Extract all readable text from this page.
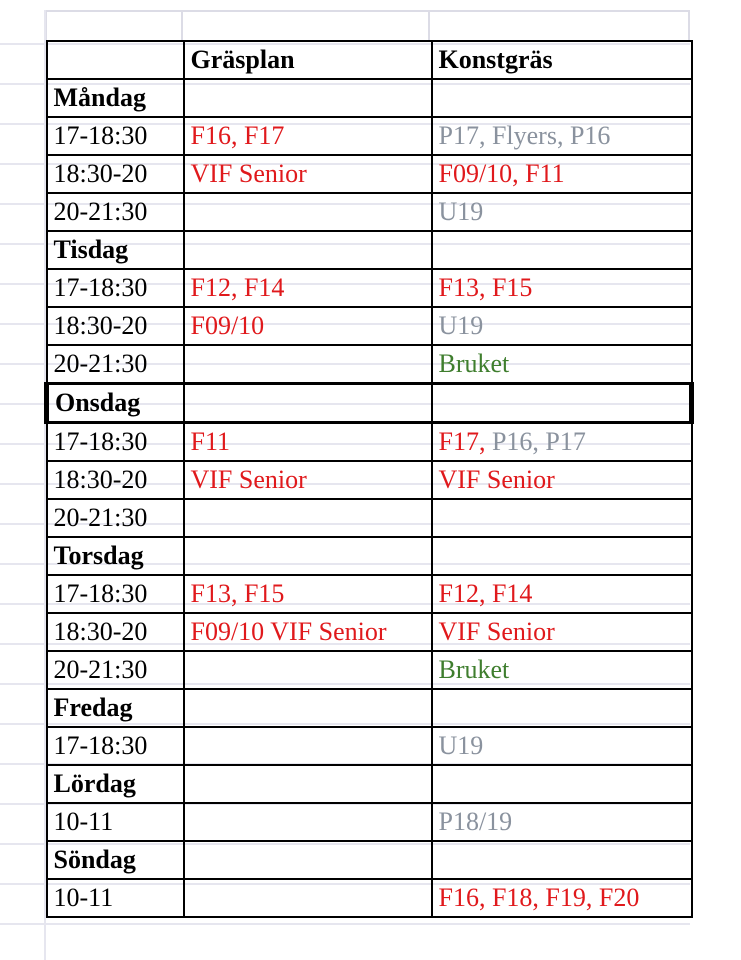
	Gräsplan	Konstgräs
Måndag		
17-18:30	F16, F17	P17, Flyers, P16
18:30-20	VIF Senior	F09/10, F11
20-21:30		U19
Tisdag		
17-18:30	F12, F14	F13, F15
18:30-20	F09/10	U19
20-21:30		Bruket
Onsdag		
17-18:30	F11	F17, P16, P17
18:30-20	VIF Senior	VIF Senior
20-21:30		
Torsdag		
17-18:30	F13, F15	F12, F14
18:30-20	F09/10 VIF Senior	VIF Senior
20-21:30		Bruket
Fredag		
17-18:30		U19
Lördag		
10-11		P18/19
Söndag		
10-11		F16, F18, F19, F20
